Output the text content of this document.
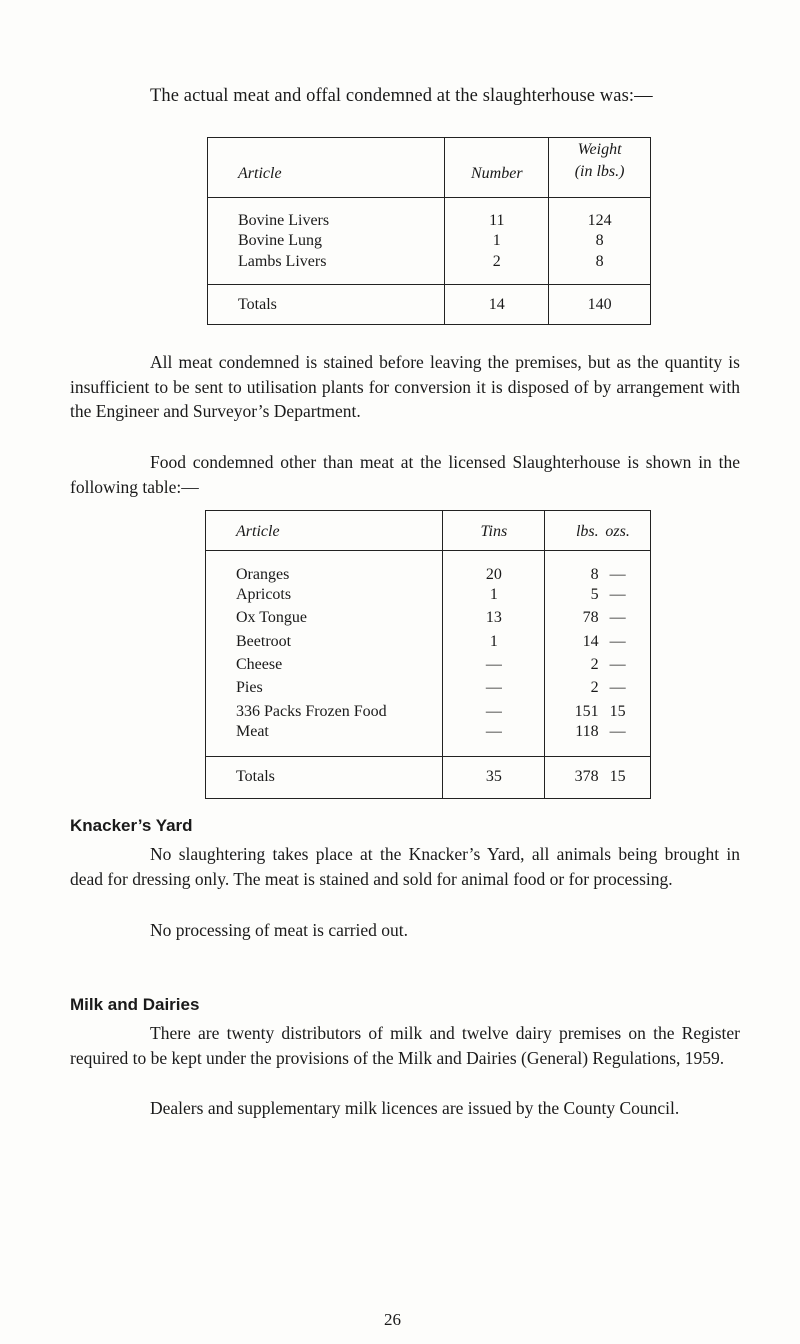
The actual meat and offal condemned at the slaughterhouse was:—
Article	Number	Weight
(in lbs.)
Bovine Livers	11	124
Bovine Lung	1	8
Lambs Livers	2	8
Totals	14	140

All meat condemned is stained before leaving the premises, but as the quantity is insufficient to be sent to utilisation plants for conversion it is disposed of by arrangement with the Engineer and Surveyor’s Department.

Food condemned other than meat at the licensed Slaughterhouse is shown in the following table:—

Article	Tins	lbs. ozs.
Oranges	20	8 —
Apricots	1	5 —
Ox Tongue	13	78 —
Beetroot	1	14 —
Cheese	—	2 —
Pies	—	2 —
336 Packs Frozen Food	—	151 15
Meat	—	118 —
Totals	35	378 15
Knacker’s Yard

No slaughtering takes place at the Knacker’s Yard, all animals being brought in dead for dressing only. The meat is stained and sold for animal food or for processing.

No processing of meat is carried out.

Milk and Dairies

There are twenty distributors of milk and twelve dairy premises on the Register required to be kept under the provisions of the Milk and Dairies (General) Regulations, 1959.

Dealers and supplementary milk licences are issued by the County Council.

26
